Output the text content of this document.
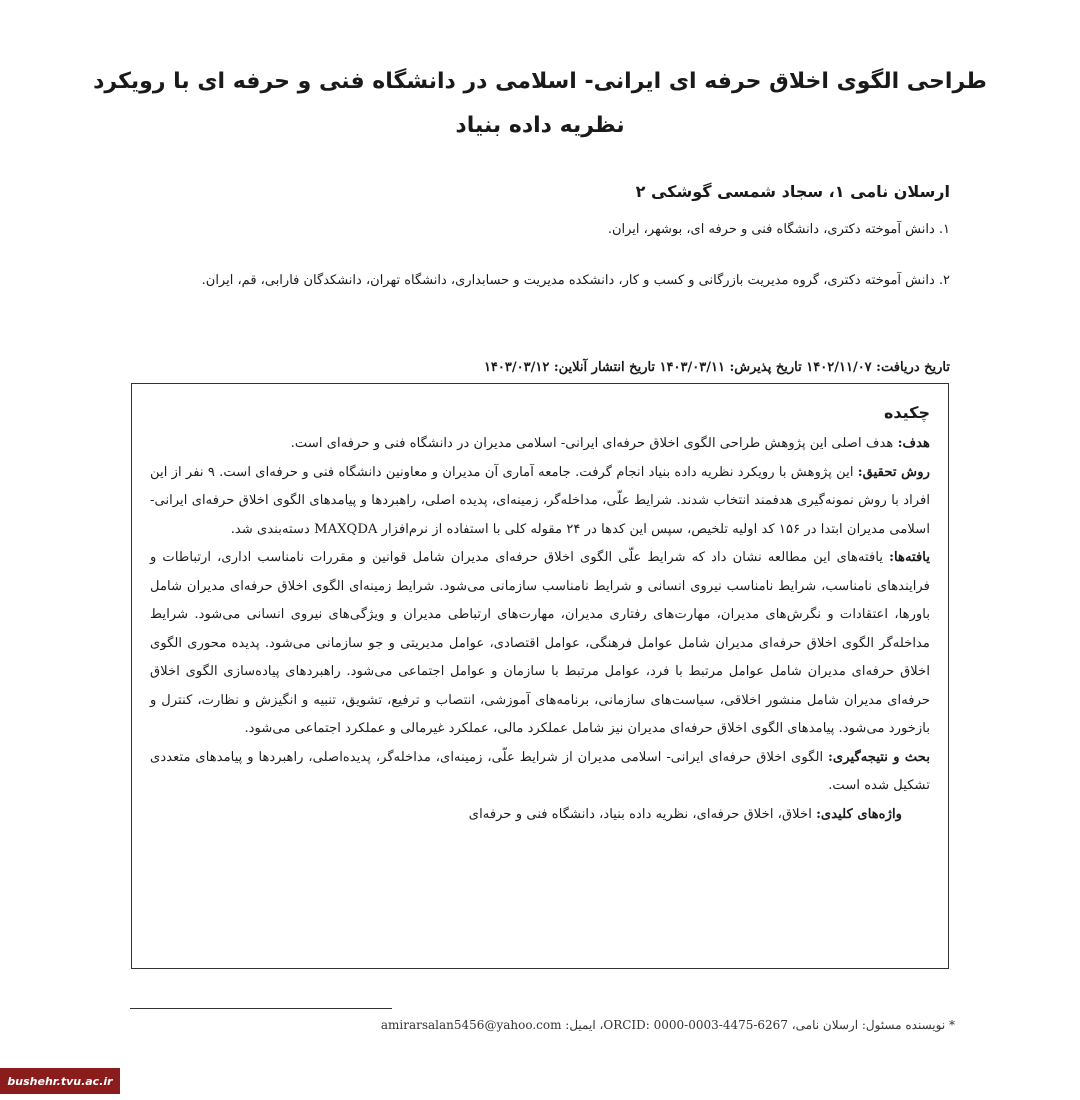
طراحی الگوی اخلاق حرفه ای ایرانی- اسلامی در دانشگاه فنی و حرفه ای با رویکرد نظریه داده بنیاد
ارسلان نامی ۱، سجاد شمسی گوشکی ۲
۱. دانش آموخته دکتری، دانشگاه فنی و حرفه ای، بوشهر، ایران.
۲. دانش آموخته دکتری، گروه مدیریت بازرگانی و کسب و کار، دانشکده مدیریت و حسابداری، دانشگاه تهران، دانشکدگان فارابی، قم، ایران.
تاریخ دریافت: ۱۴۰۲/۱۱/۰۷ تاریخ پذیرش: ۱۴۰۳/۰۳/۱۱ تاریخ انتشار آنلاین: ۱۴۰۳/۰۳/۱۲
چکیده

هدف: هدف اصلی این پژوهش طراحی الگوی اخلاق حرفه‌ای ایرانی- اسلامی مدیران در دانشگاه فنی و حرفه‌ای است.

روش تحقیق: این پژوهش با رویکرد نظریه داده بنیاد انجام گرفت. جامعه آماری آن مدیران و معاونین دانشگاه فنی و حرفه‌ای است. ۹ نفر از این افراد با روش نمونه‌گیری هدفمند انتخاب شدند. شرایط علّی، مداخله‌گر، زمینه‌ای، پدیده اصلی، راهبردها و پیامدهای الگوی اخلاق حرفه‌ای ایرانی- اسلامی مدیران ابتدا در ۱۵۶ کد اولیه تلخیص، سپس این کدها در ۲۴ مقوله کلی با استفاده از نرم‌افزار MAXQDA دسته‌بندی شد.

یافته‌ها: یافته‌های این مطالعه نشان داد که شرایط علّی الگوی اخلاق حرفه‌ای مدیران شامل قوانین و مقررات نامناسب اداری، ارتباطات و فرایندهای نامناسب، شرایط نامناسب نیروی انسانی و شرایط نامناسب سازمانی می‌شود. شرایط زمینه‌ای الگوی اخلاق حرفه‌ای مدیران شامل باورها، اعتقادات و نگرش‌های مدیران، مهارت‌های رفتاری مدیران، مهارت‌های ارتباطی مدیران و ویژگی‌های نیروی انسانی می‌شود. شرایط مداخله‌گر الگوی اخلاق حرفه‌ای مدیران شامل عوامل فرهنگی، عوامل اقتصادی، عوامل مدیریتی و جو سازمانی می‌شود. پدیده محوری الگوی اخلاق حرفه‌ای مدیران شامل عوامل مرتبط با فرد، عوامل مرتبط با سازمان و عوامل اجتماعی می‌شود. راهبردهای پیاده‌سازی الگوی اخلاق حرفه‌ای مدیران شامل منشور اخلاقی، سیاست‌های سازمانی، برنامه‌های آموزشی، انتصاب و ترفیع، تشویق، تنبیه و انگیزش و نظارت، کنترل و بازخورد می‌شود. پیامدهای الگوی اخلاق حرفه‌ای مدیران نیز شامل عملکرد مالی، عملکرد غیرمالی و عملکرد اجتماعی می‌شود.

بحث و نتیجه‌گیری: الگوی اخلاق حرفه‌ای ایرانی- اسلامی مدیران از شرایط علّی، زمینه‌ای، مداخله‌گر، پدیده‌اصلی، راهبردها و پیامدهای متعددی تشکیل شده است.

واژه‌های کلیدی: اخلاق، اخلاق حرفه‌ای، نظریه داده بنیاد، دانشگاه فنی و حرفه‌ای

* نویسنده مسئول: ارسلان نامی، ORCID: 0000-0003-4475-6267، ایمیل: amirarsalan5456@yahoo.com
bushehr.tvu.ac.ir
